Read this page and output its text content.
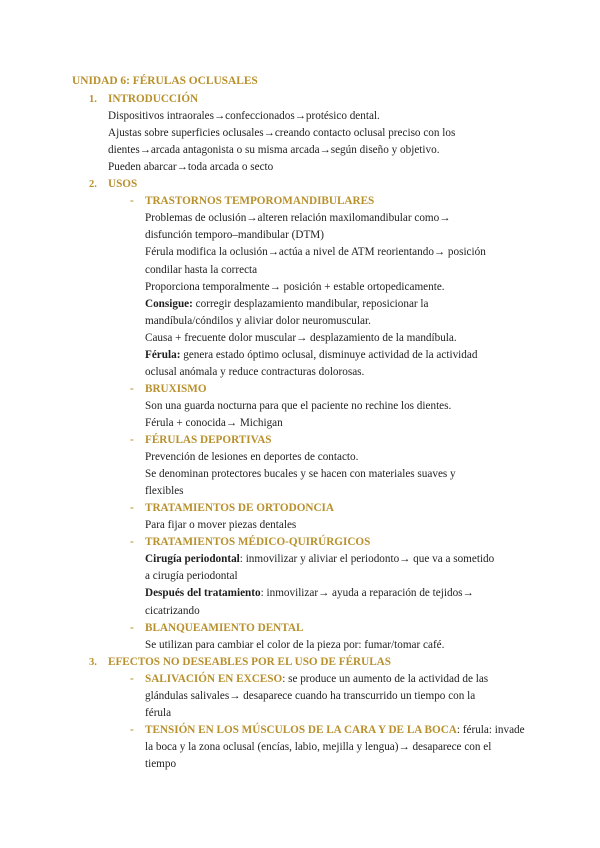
UNIDAD 6: FÉRULAS OCLUSALES
1. INTRODUCCIÓN
Dispositivos intraorales→confeccionados→protésico dental.
Ajustas sobre superficies oclusales→creando contacto oclusal preciso con los
dientes→arcada antagonista o su misma arcada→según diseño y objetivo.
Pueden abarcar→toda arcada o secto
2. USOS
- TRASTORNOS TEMPOROMANDIBULARES
Problemas de oclusión→alteren relación maxilomandibular como→
disfunción temporo–mandibular (DTM)
Férula modifica la oclusión→actúa a nivel de ATM reorientando→ posición
condilar hasta la correcta
Proporciona temporalmente→ posición + estable ortopedicamente.
Consigue: corregir desplazamiento mandibular, reposicionar la
mandíbula/cóndilos y aliviar dolor neuromuscular.
Causa + frecuente dolor muscular→ desplazamiento de la mandíbula.
Férula: genera estado óptimo oclusal, disminuye actividad de la actividad
oclusal anómala y reduce contracturas dolorosas.
- BRUXISMO
Son una guarda nocturna para que el paciente no rechine los dientes.
Férula + conocida→ Michigan
- FÉRULAS DEPORTIVAS
Prevención de lesiones en deportes de contacto.
Se denominan protectores bucales y se hacen con materiales suaves y
flexibles
- TRATAMIENTOS DE ORTODONCIA
Para fijar o mover piezas dentales
- TRATAMIENTOS MÉDICO-QUIRÚRGICOS
Cirugía periodontal: inmovilizar y aliviar el periodonto→ que va a sometido
a cirugía periodontal
Después del tratamiento: inmovilizar→ ayuda a reparación de tejidos→
cicatrizando
- BLANQUEAMIENTO DENTAL
Se utilizan para cambiar el color de la pieza por: fumar/tomar café.
3. EFECTOS NO DESEABLES POR EL USO DE FÉRULAS
- SALIVACIÓN EN EXCESO: se produce un aumento de la actividad de las
glándulas salivales→ desaparece cuando ha transcurrido un tiempo con la
férula
- TENSIÓN EN LOS MÚSCULOS DE LA CARA Y DE LA BOCA: férula: invade
la boca y la zona oclusal (encías, labio, mejilla y lengua)→ desaparece con el
tiempo
